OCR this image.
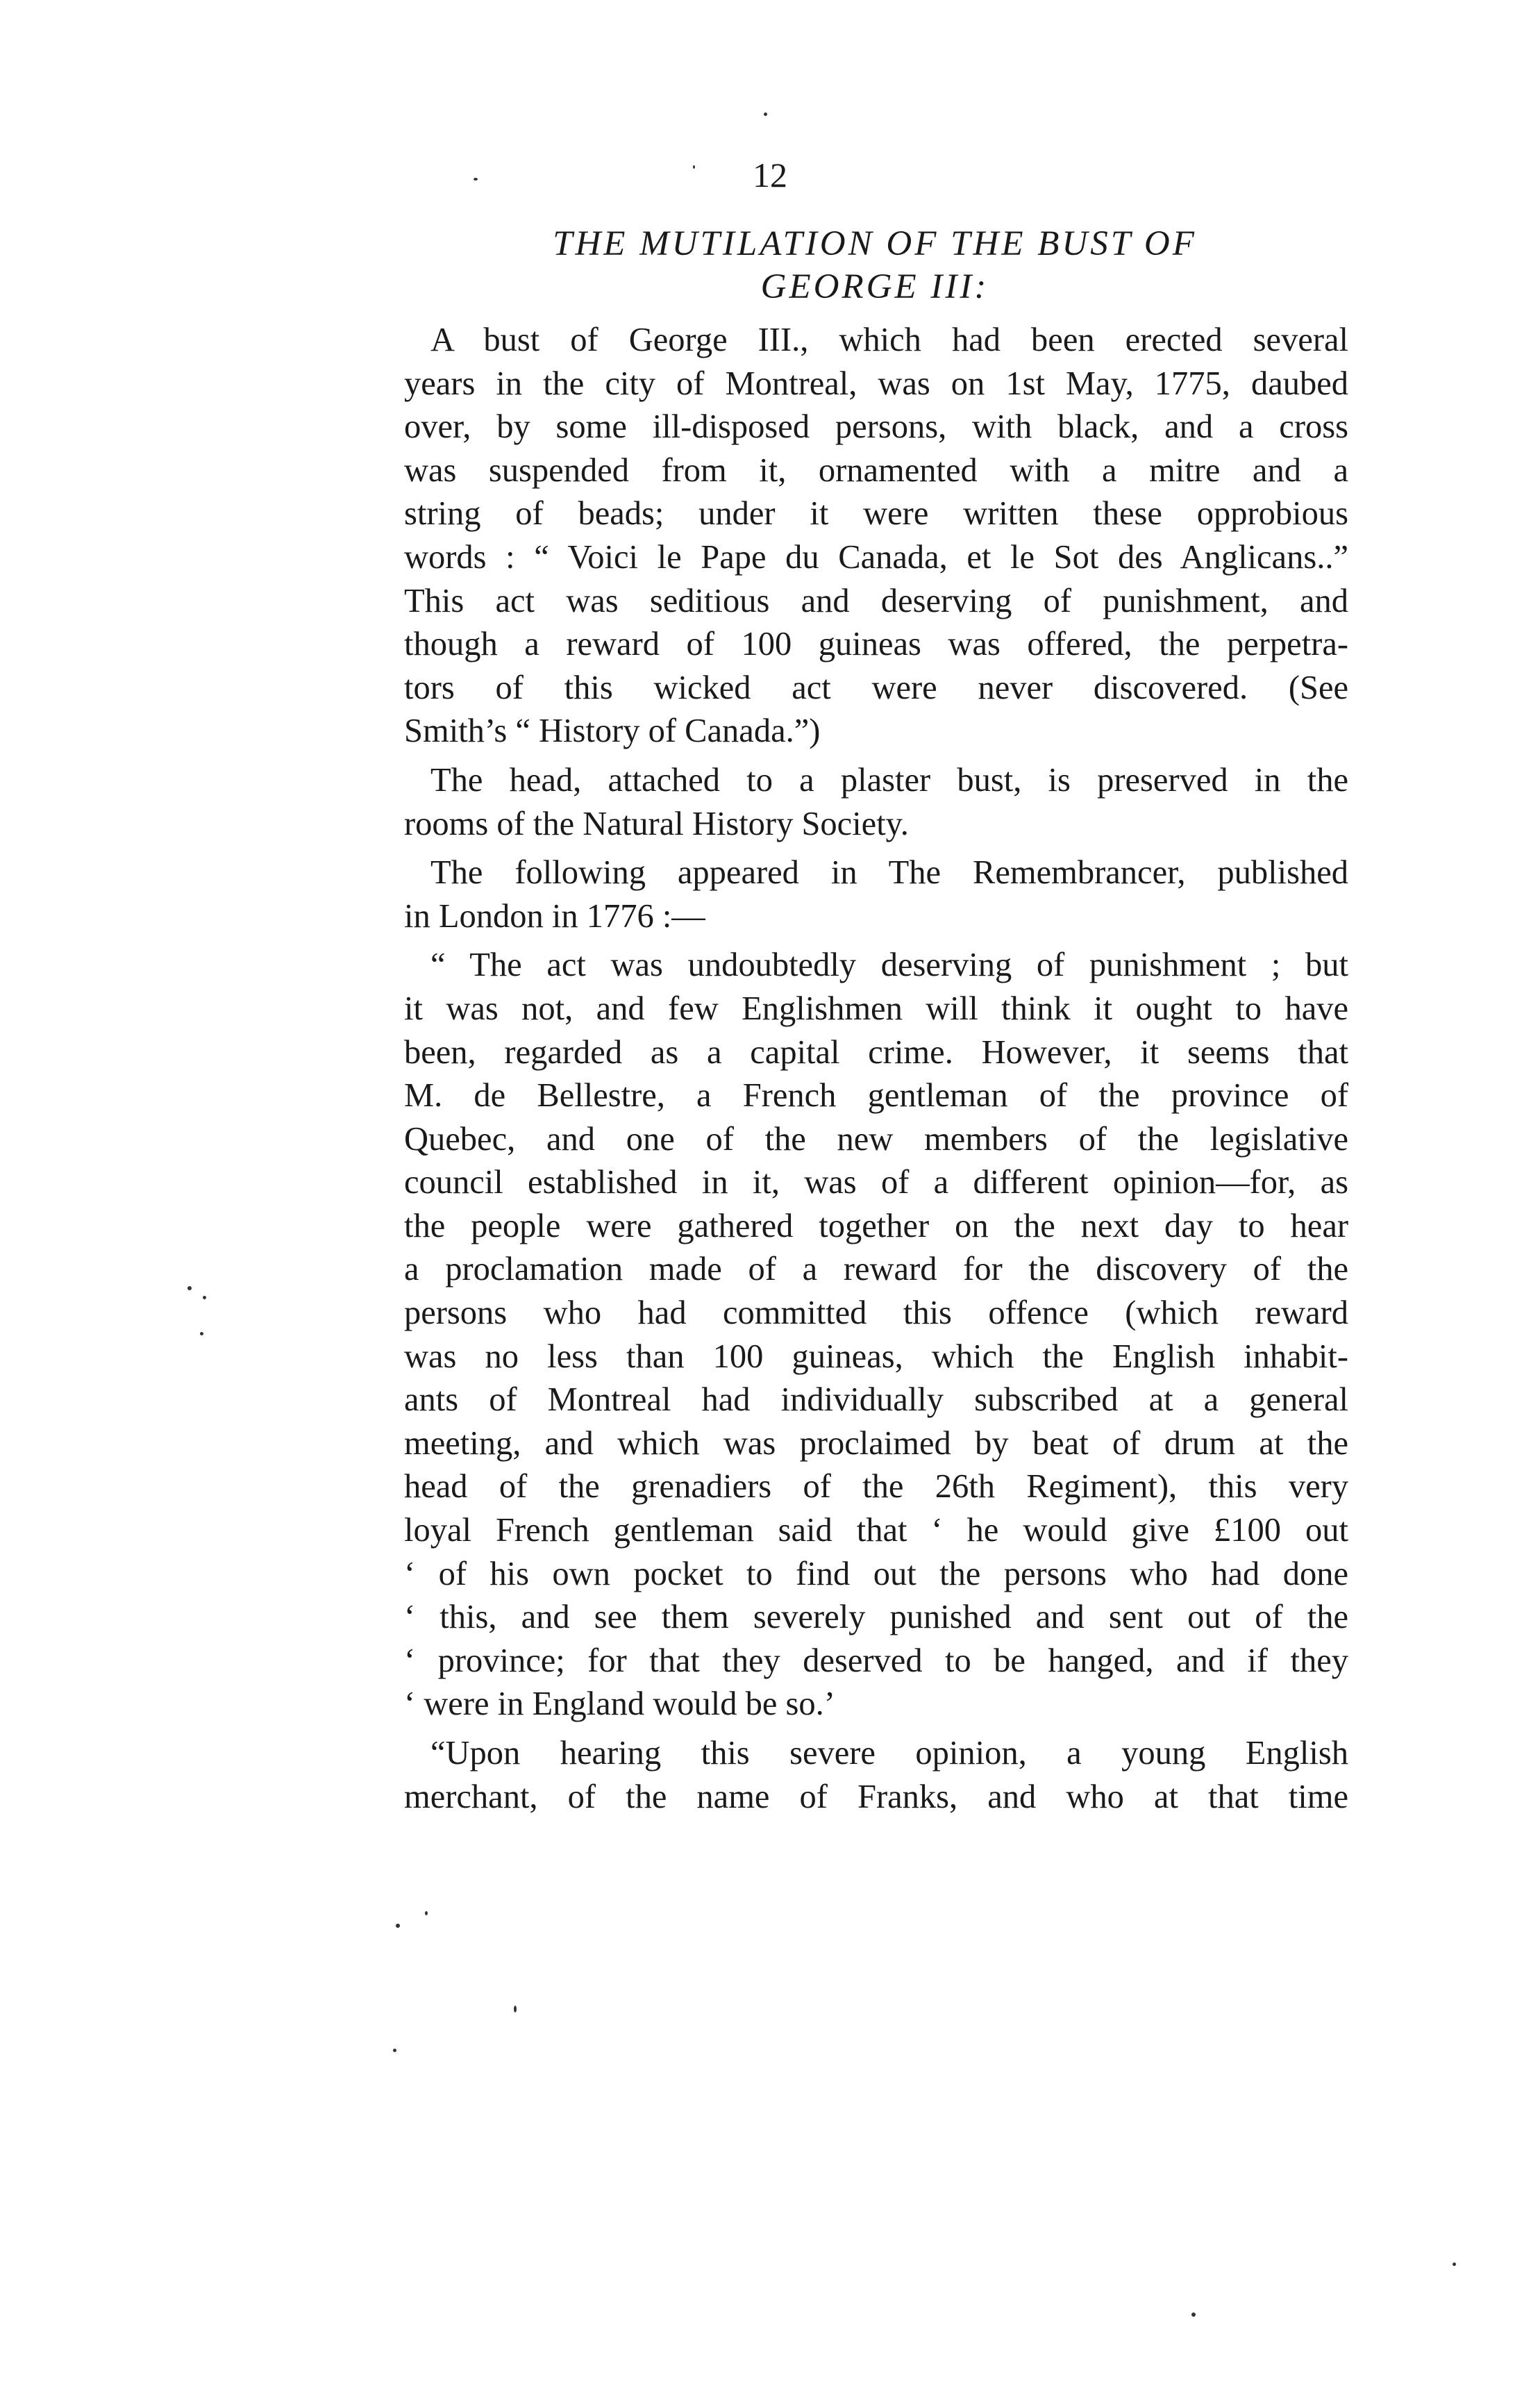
12
THE MUTILATION OF THE BUST OF
GEORGE III:
A bust of George III., which had been erected several
years in the city of Montreal, was on 1st May, 1775, daubed
over, by some ill-disposed persons, with black, and a cross
was suspended from it, ornamented with a mitre and a
string of beads; under it were written these opprobious
words : “ Voici le Pape du Canada, et le Sot des Anglicans..”
This act was seditious and deserving of punishment, and
though a reward of 100 guineas was offered, the perpetra-
tors of this wicked act were never discovered. (See
Smith’s “ History of Canada.”)
The head, attached to a plaster bust, is preserved in the
rooms of the Natural History Society.
The following appeared in The Remembrancer, published
in London in 1776 :—
“ The act was undoubtedly deserving of punishment ; but
it was not, and few Englishmen will think it ought to have
been, regarded as a capital crime. However, it seems that
M. de Bellestre, a French gentleman of the province of
Quebec, and one of the new members of the legislative
council established in it, was of a different opinion—for, as
the people were gathered together on the next day to hear
a proclamation made of a reward for the discovery of the
persons who had committed this offence (which reward
was no less than 100 guineas, which the English inhabit-
ants of Montreal had individually subscribed at a general
meeting, and which was proclaimed by beat of drum at the
head of the grenadiers of the 26th Regiment), this very
loyal French gentleman said that ‘ he would give £100 out
‘ of his own pocket to find out the persons who had done
‘ this, and see them severely punished and sent out of the
‘ province; for that they deserved to be hanged, and if they
‘ were in England would be so.’
“Upon hearing this severe opinion, a young English
merchant, of the name of Franks, and who at that time
